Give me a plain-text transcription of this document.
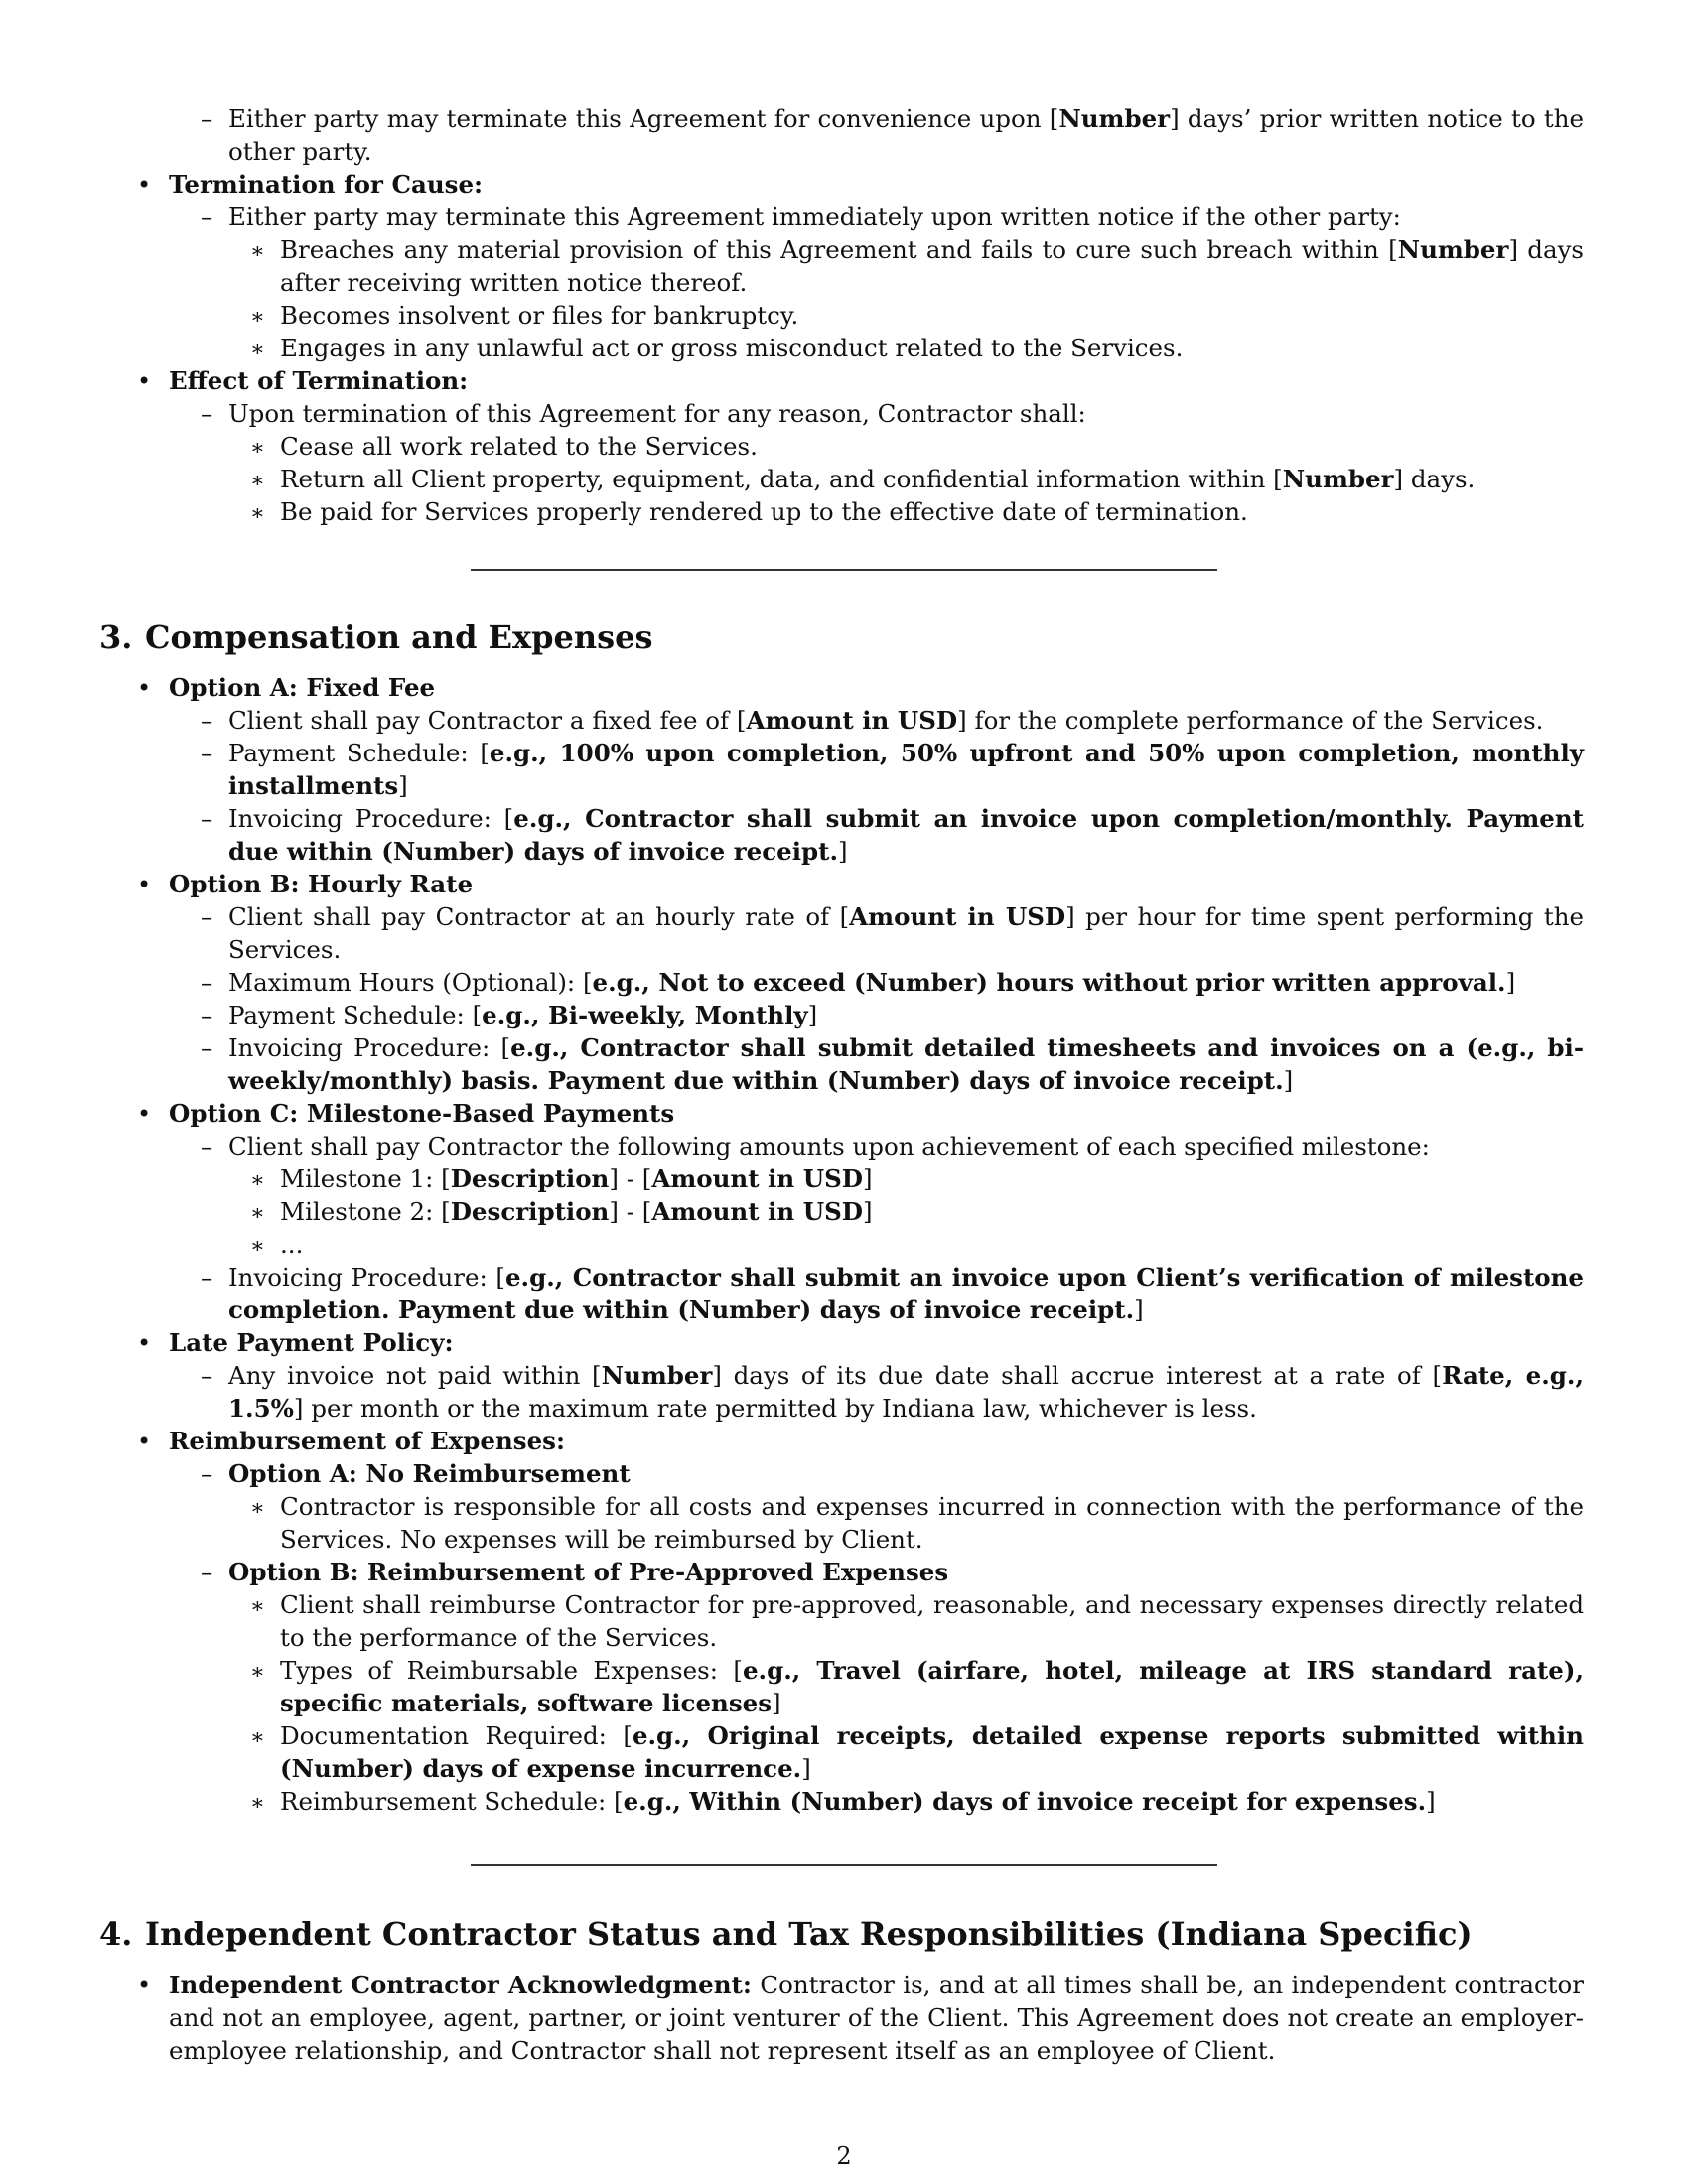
–
Either party may terminate this Agreement for convenience upon [Number] days’ prior written notice to the other party.
•
Termination for Cause:
–
Either party may terminate this Agreement immediately upon written notice if the other party:
∗
Breaches any material provision of this Agreement and fails to cure such breach within [Number] days after receiving written notice thereof.
∗
Becomes insolvent or files for bankruptcy.
∗
Engages in any unlawful act or gross misconduct related to the Services.
•
Effect of Termination:
–
Upon termination of this Agreement for any reason, Contractor shall:
∗
Cease all work related to the Services.
∗
Return all Client property, equipment, data, and confidential information within [Number] days.
∗
Be paid for Services properly rendered up to the effective date of termination.
3. Compensation and Expenses
•
Option A: Fixed Fee
–
Client shall pay Contractor a fixed fee of [Amount in USD] for the complete performance of the Services.
–
Payment Schedule: [e.g., 100% upon completion, 50% upfront and 50% upon completion, monthly installments]
–
Invoicing Procedure: [e.g., Contractor shall submit an invoice upon completion/monthly. Payment due within (Number) days of invoice receipt.]
•
Option B: Hourly Rate
–
Client shall pay Contractor at an hourly rate of [Amount in USD] per hour for time spent performing the Services.
–
Maximum Hours (Optional): [e.g., Not to exceed (Number) hours without prior written approval.]
–
Payment Schedule: [e.g., Bi-weekly, Monthly]
–
Invoicing Procedure: [e.g., Contractor shall submit detailed timesheets and invoices on a (e.g., bi-weekly/monthly) basis. Payment due within (Number) days of invoice receipt.]
•
Option C: Milestone-Based Payments
–
Client shall pay Contractor the following amounts upon achievement of each specified milestone:
∗
Milestone 1: [Description] - [Amount in USD]
∗
Milestone 2: [Description] - [Amount in USD]
∗
...
–
Invoicing Procedure: [e.g., Contractor shall submit an invoice upon Client’s verification of milestone completion. Payment due within (Number) days of invoice receipt.]
•
Late Payment Policy:
–
Any invoice not paid within [Number] days of its due date shall accrue interest at a rate of [Rate, e.g., 1.5%] per month or the maximum rate permitted by Indiana law, whichever is less.
•
Reimbursement of Expenses:
–
Option A: No Reimbursement
∗
Contractor is responsible for all costs and expenses incurred in connection with the performance of the Services. No expenses will be reimbursed by Client.
–
Option B: Reimbursement of Pre-Approved Expenses
∗
Client shall reimburse Contractor for pre-approved, reasonable, and necessary expenses directly related to the performance of the Services.
∗
Types of Reimbursable Expenses: [e.g., Travel (airfare, hotel, mileage at IRS standard rate), specific materials, software licenses]
∗
Documentation Required: [e.g., Original receipts, detailed expense reports submitted within (Number) days of expense incurrence.]
∗
Reimbursement Schedule: [e.g., Within (Number) days of invoice receipt for expenses.]
4. Independent Contractor Status and Tax Responsibilities (Indiana Specific)
•
Independent Contractor Acknowledgment: Contractor is, and at all times shall be, an independent contractor and not an employee, agent, partner, or joint venturer of the Client. This Agreement does not create an employer-employee relationship, and Contractor shall not represent itself as an employee of Client.
2
